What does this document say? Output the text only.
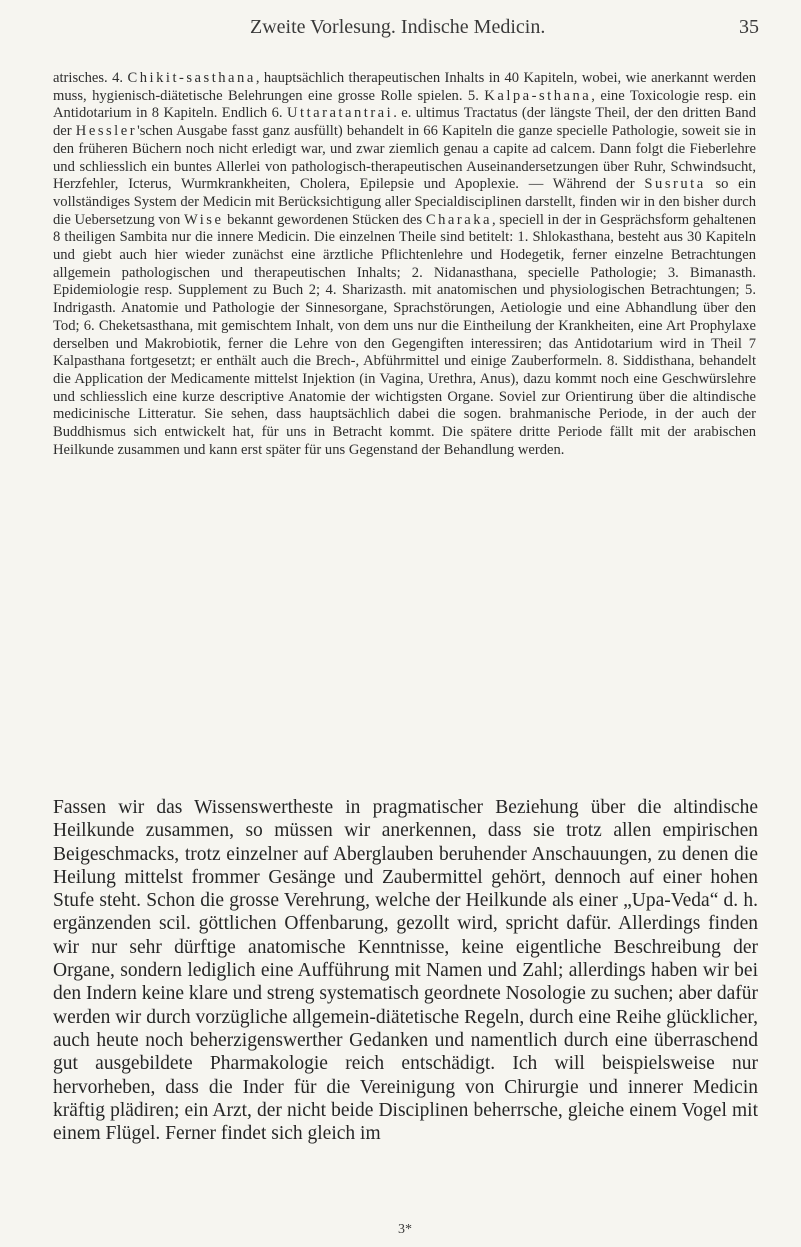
Zweite Vorlesung. Indische Medicin.	35

atrisches. 4. Chikit-sasthana, hauptsächlich therapeutischen Inhalts in 40 Kapiteln, wobei, wie anerkannt werden muss, hygienisch-diätetische Belehrungen eine grosse Rolle spielen. 5. Kalpa-sthana, eine Toxicologie resp. ein Antidotarium in 8 Kapiteln. Endlich 6. Uttaratantrai. e. ultimus Tractatus (der längste Theil, der den dritten Band der Hessler'schen Ausgabe fasst ganz ausfüllt) behandelt in 66 Kapiteln die ganze specielle Pathologie, soweit sie in den früheren Büchern noch nicht erledigt war, und zwar ziemlich genau a capite ad calcem. Dann folgt die Fieberlehre und schliesslich ein buntes Allerlei von pathologisch-therapeutischen Auseinandersetzungen über Ruhr, Schwindsucht, Herzfehler, Icterus, Wurmkrankheiten, Cholera, Epilepsie und Apoplexie. — Während der Susruta so ein vollständiges System der Medicin mit Berücksichtigung aller Specialdisciplinen darstellt, finden wir in den bisher durch die Uebersetzung von Wise bekannt gewordenen Stücken des Charaka, speciell in der in Gesprächsform gehaltenen 8 theiligen Sambita nur die innere Medicin. Die einzelnen Theile sind betitelt: 1. Shlokasthana, besteht aus 30 Kapiteln und giebt auch hier wieder zunächst eine ärztliche Pflichtenlehre und Hodegetik, ferner einzelne Betrachtungen allgemein pathologischen und therapeutischen Inhalts; 2. Nidanasthana, specielle Pathologie; 3. Bimanasth. Epidemiologie resp. Supplement zu Buch 2; 4. Sharizasth. mit anatomischen und physiologischen Betrachtungen; 5. Indrigasth. Anatomie und Pathologie der Sinnesorgane, Sprachstörungen, Aetiologie und eine Abhandlung über den Tod; 6. Cheketsasthana, mit gemischtem Inhalt, von dem uns nur die Eintheilung der Krankheiten, eine Art Prophylaxe derselben und Makrobiotik, ferner die Lehre von den Gegengiften interessiren; das Antidotarium wird in Theil 7 Kalpasthana fortgesetzt; er enthält auch die Brech-, Abführmittel und einige Zauberformeln. 8. Siddisthana, behandelt die Application der Medicamente mittelst Injektion (in Vagina, Urethra, Anus), dazu kommt noch eine Geschwürslehre und schliesslich eine kurze descriptive Anatomie der wichtigsten Organe. Soviel zur Orientirung über die altindische medicinische Litteratur. Sie sehen, dass hauptsächlich dabei die sogen. brahmanische Periode, in der auch der Buddhismus sich entwickelt hat, für uns in Betracht kommt. Die spätere dritte Periode fällt mit der arabischen Heilkunde zusammen und kann erst später für uns Gegenstand der Behandlung werden.

Fassen wir das Wissenswertheste in pragmatischer Beziehung über die altindische Heilkunde zusammen, so müssen wir anerkennen, dass sie trotz allen empirischen Beigeschmacks, trotz einzelner auf Aberglauben beruhender Anschauungen, zu denen die Heilung mittelst frommer Gesänge und Zaubermittel gehört, dennoch auf einer hohen Stufe steht. Schon die grosse Verehrung, welche der Heilkunde als einer „Upa-Veda“ d. h. ergänzenden scil. göttlichen Offenbarung, gezollt wird, spricht dafür. Allerdings finden wir nur sehr dürftige anatomische Kenntnisse, keine eigentliche Beschreibung der Organe, sondern lediglich eine Aufführung mit Namen und Zahl; allerdings haben wir bei den Indern keine klare und streng systematisch geordnete Nosologie zu suchen; aber dafür werden wir durch vorzügliche allgemein-diätetische Regeln, durch eine Reihe glücklicher, auch heute noch beherzigenswerther Gedanken und namentlich durch eine überraschend gut ausgebildete Pharmakologie reich entschädigt. Ich will beispielsweise nur hervorheben, dass die Inder für die Vereinigung von Chirurgie und innerer Medicin kräftig plädiren; ein Arzt, der nicht beide Disciplinen beherrsche, gleiche einem Vogel mit einem Flügel. Ferner findet sich gleich im

3*
